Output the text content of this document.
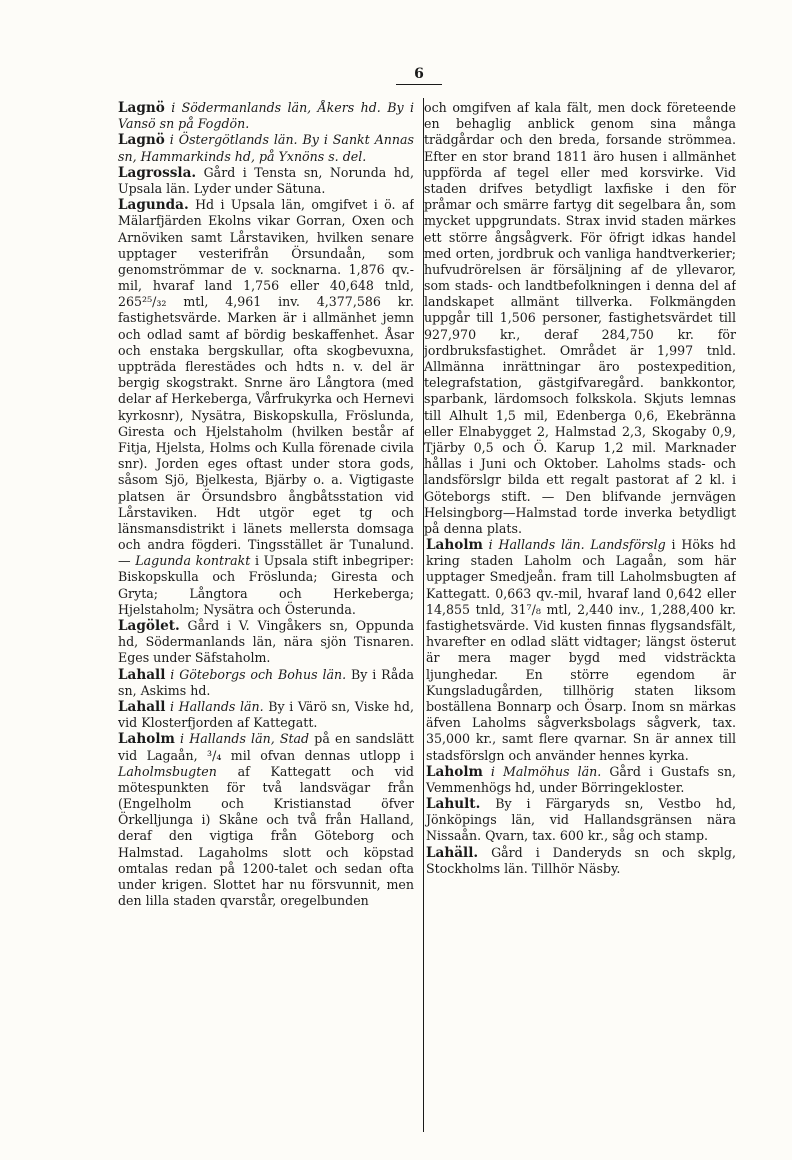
6

Lagnö i Södermanlands län, Åkers hd. By i Vansö sn på Fogdön.

Lagnö i Östergötlands län. By i Sankt Annas sn, Hammarkinds hd, på Yxnöns s. del.

Lagrossla. Gård i Tensta sn, Norunda hd, Upsala län. Lyder under Sätuna.

Lagunda. Hd i Upsala län, omgifvet i ö. af Mälarfjärden Ekolns vikar Gorran, Oxen och Arnöviken samt Lårstaviken, hvilken senare upptager vesterifrån Örsundaån, som genomströmmar de v. socknarna. 1,876 qv.-mil, hvaraf land 1,756 eller 40,648 tnld, 265²⁵/₃₂ mtl, 4,961 inv. 4,377,586 kr. fastighetsvärde. Marken är i allmänhet jemn och odlad samt af bördig beskaffenhet. Åsar och enstaka bergskullar, ofta skogbevuxna, uppträda flerestädes och hdts n. v. del är bergig skogstrakt. Snrne äro Långtora (med delar af Herkeberga, Vårfrukyrka och Hernevi kyrkosnr), Nysätra, Biskopskulla, Fröslunda, Giresta och Hjelstaholm (hvilken består af Fitja, Hjelsta, Holms och Kulla förenade civila snr). Jorden eges oftast under stora gods, såsom Sjö, Bjelkesta, Bjärby o. a. Vigtigaste platsen är Örsundsbro ångbåtsstation vid Lårstaviken. Hdt utgör eget tg och länsmansdistrikt i länets mellersta domsaga och andra fögderi. Tingsstället är Tunalund. — Lagunda kontrakt i Upsala stift inbegriper: Biskopskulla och Fröslunda; Giresta och Gryta; Långtora och Herkeberga; Hjelstaholm; Nysätra och Österunda.

Lagölet. Gård i V. Vingåkers sn, Oppunda hd, Södermanlands län, nära sjön Tisnaren. Eges under Säfstaholm.

Lahall i Göteborgs och Bohus län. By i Råda sn, Askims hd.

Lahall i Hallands län. By i Värö sn, Viske hd, vid Klosterfjorden af Kattegatt.

Laholm i Hallands län, Stad på en sandslätt vid Lagaån, ³/₄ mil ofvan dennas utlopp i Laholmsbugten af Kattegatt och vid mötespunkten för två landsvägar från (Engelholm och Kristianstad öfver Örkelljunga i) Skåne och två från Halland, deraf den vigtiga från Göteborg och Halmstad. Lagaholms slott och köpstad omtalas redan på 1200-talet och sedan ofta under krigen. Slottet har nu försvunnit, men den lilla staden qvarstår, oregelbunden

och omgifven af kala fält, men dock företeende en behaglig anblick genom sina många trädgårdar och den breda, forsande strömmea. Efter en stor brand 1811 äro husen i allmänhet uppförda af tegel eller med korsvirke. Vid staden drifves betydligt laxfiske i den för pråmar och smärre fartyg dit segelbara ån, som mycket uppgrundats. Strax invid staden märkes ett större ångsågverk. För öfrigt idkas handel med orten, jordbruk och vanliga handtverkerier; hufvudrörelsen är försäljning af de yllevaror, som stads- och landtbefolkningen i denna del af landskapet allmänt tillverka. Folkmängden uppgår till 1,506 personer, fastighetsvärdet till 927,970 kr., deraf 284,750 kr. för jordbruksfastighet. Området är 1,997 tnld. Allmänna inrättningar äro postexpedition, telegrafstation, gästgifvaregård. bankkontor, sparbank, lärdomsoch folkskola. Skjuts lemnas till Alhult 1,5 mil, Edenberga 0,6, Ekebränna eller Elnabygget 2, Halmstad 2,3, Skogaby 0,9, Tjärby 0,5 och Ö. Karup 1,2 mil. Marknader hållas i Juni och Oktober. Laholms stads- och landsförslgr bilda ett regalt pastorat af 2 kl. i Göteborgs stift. — Den blifvande jernvägen Helsingborg—Halmstad torde inverka betydligt på denna plats.

Laholm i Hallands län. Landsförslg i Höks hd kring staden Laholm och Lagaån, som här upptager Smedjeån. fram till Laholmsbugten af Kattegatt. 0,663 qv.-mil, hvaraf land 0,642 eller 14,855 tnld, 31⁷/₈ mtl, 2,440 inv., 1,288,400 kr. fastighetsvärde. Vid kusten finnas flygsandsfält, hvarefter en odlad slätt vidtager; längst österut är mera mager bygd med vidsträckta ljunghedar. En större egendom är Kungsladugården, tillhörig staten liksom boställena Bonnarp och Ösarp. Inom sn märkas äfven Laholms sågverksbolags sågverk, tax. 35,000 kr., samt flere qvarnar. Sn är annex till stadsförslgn och använder hennes kyrka.

Laholm i Malmöhus län. Gård i Gustafs sn, Vemmenhögs hd, under Börringekloster.

Lahult. By i Färgaryds sn, Vestbo hd, Jönköpings län, vid Hallandsgränsen nära Nissaån. Qvarn, tax. 600 kr., såg och stamp.

Lahäll. Gård i Danderyds sn och skplg, Stockholms län. Tillhör Näsby.
